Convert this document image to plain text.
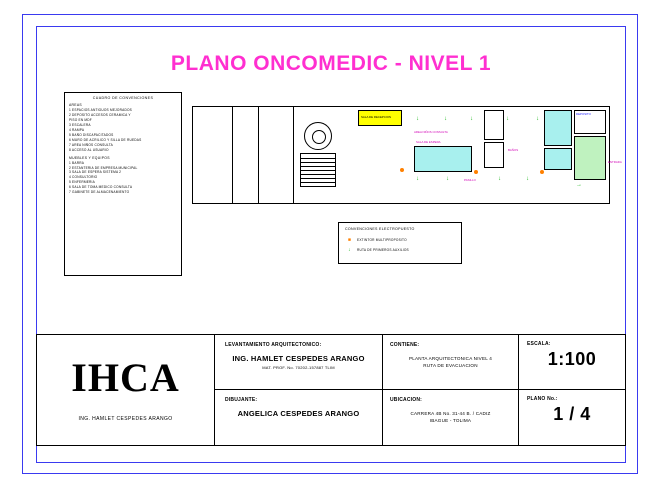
PLANO ONCOMEDIC - NIVEL 1
CUADRO DE CONVENCIONES
AREAS
1 ESPACIOS ANTIGUOS MEJORADOS
2 DEPOSITO ACCESOS CERAMICA Y
PISO EN MDF
3 ESCALERA
4 RAMPA
5 BAÑO DISCAPACITADOS
6 MURO DE ACRILICO Y SILLA DE RUEDAS
7 AREA NIÑOS CONSULTA
8 ACCESO AL USUARIO
MUEBLES Y EQUIPOS
1 BARRA
2 ESTANTERIA DE EMPRESA MUNICIPAL
3 SALA DE ESPERA SISTEMA 2
4 CONSULTORIO
5 ENFERMERIA
6 SALA DE TOMA MEDICO CONSULTA
7 GABINETE DE ALMACENAMIENTO
SALA DE RECEPCION
DEPOSITO
BAÑOS
SALA DE ESPERA
AREA NIÑOS CONSULTA
PASILLO
ENTRADA
↓	↓	↓	↓	↓
↓	↓	↓	↓
→
CONVENCIONES ELECTROPUESTO
■	EXTINTOR MULTIPROPOSITO
↓	RUTA DE PRIMEROS AUXILIOS
IHCA
ING. HAMLET CESPEDES ARANGO
LEVANTAMIENTO ARQUITECTONICO:
ING. HAMLET CESPEDES ARANGO
MAT. PROF. No. 70202-157887 TLIM
DIBUJANTE:
ANGELICA CESPEDES ARANGO
CONTIENE:
PLANTA ARQUITECTONICA NIVEL 4
RUTA DE EVACUACION
UBICACION:
CARRERA 4B No. 31-44 B. / CADIZ
IBAGUE - TOLIMA
ESCALA:
1:100
PLANO No.:
1 / 4
